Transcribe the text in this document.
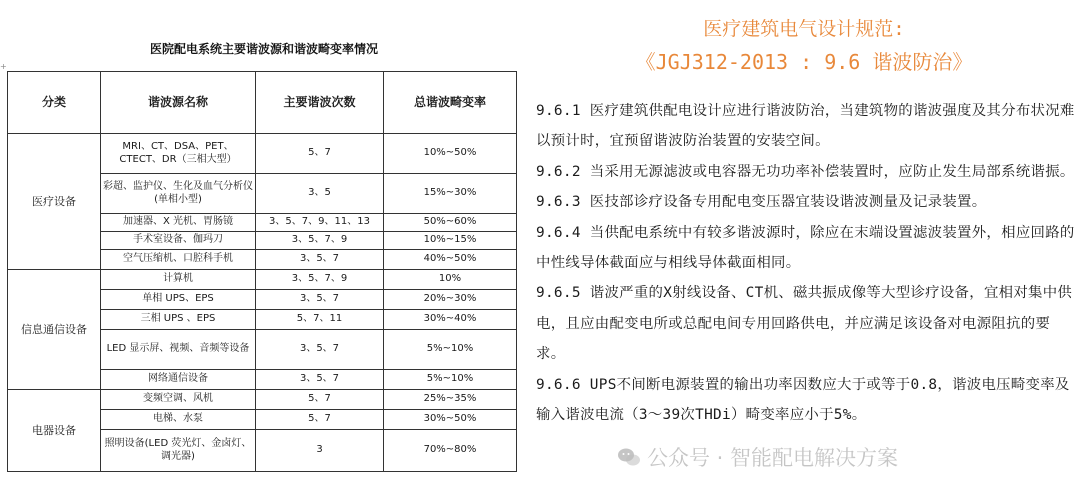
医院配电系统主要谐波源和谐波畸变率情况
+
分类	谐波源名称	主要谐波次数	总谐波畸变率
医疗设备	MRI、CT、DSA、PET、CTECT、DR（三相大型）	5、7	10%~50%
	彩超、监护仪、生化及血气分析仪(单相小型)	3、5	15%~30%
	加速器、X 光机、胃肠镜	3、5、7、9、11、13	50%~60%
	手术室设备、伽玛刀	3、5、7、9	10%~15%
	空气压缩机、口腔科手机	3、5、7	40%~50%
信息通信设备	计算机	3、5、7、9	10%
	单相 UPS、EPS	3、5、7	20%~30%
	三相 UPS 、EPS	5、7、11	30%~40%
	LED 显示屏、视频、音频等设备	3、5、7	5%~10%
	网络通信设备	3、5、7	5%~10%
电器设备	变频空调、风机	5、7	25%~35%
	电梯、水泵	5、7	30%~50%
	照明设备(LED 荧光灯、金卤灯、调光器)	3	70%~80%
医疗建筑电气设计规范:
《JGJ312-2013 : 9.6 谐波防治》
9.6.1 医疗建筑供配电设计应进行谐波防治，当建筑物的谐波强度及其分布状况难以预计时，宜预留谐波防治装置的安装空间。
9.6.2 当采用无源滤波或电容器无功功率补偿装置时，应防止发生局部系统谐振。
9.6.3 医技部诊疗设备专用配电变压器宜装设谐波测量及记录装置。
9.6.4 当供配电系统中有较多谐波源时，除应在末端设置滤波装置外，相应回路的中性线导体截面应与相线导体截面相同。
9.6.5 谐波严重的X射线设备、CT机、磁共振成像等大型诊疗设备，宜相对集中供电，且应由配变电所或总配电间专用回路供电，并应满足该设备对电源阻抗的要求。
9.6.6 UPS不间断电源装置的输出功率因数应大于或等于0.8，谐波电压畸变率及输入谐波电流（3～39次THDi）畸变率应小于5%。
公众号 · 智能配电解决方案
